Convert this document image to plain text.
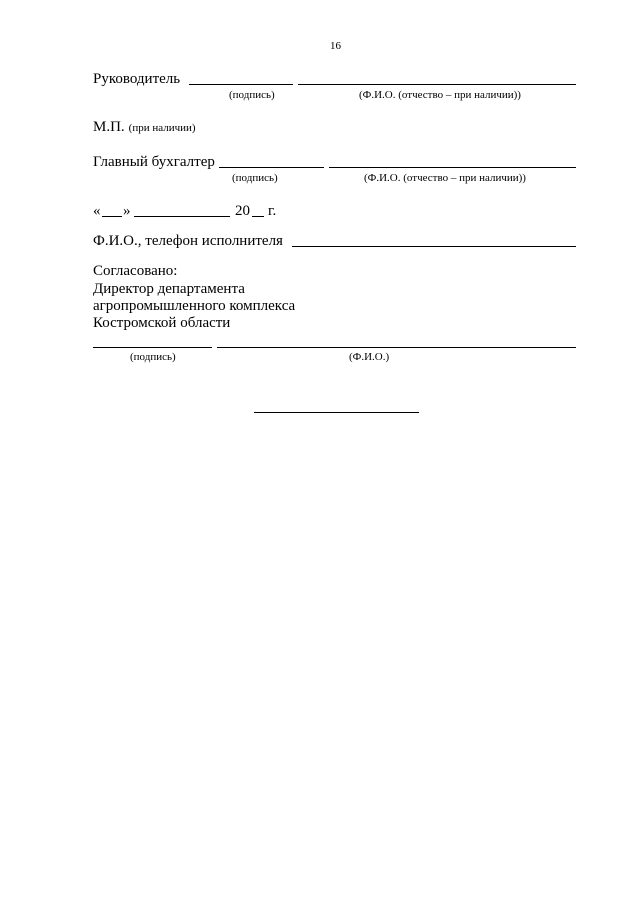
16
Руководитель
(подпись)	(Ф.И.О. (отчество – при наличии))
М.П. (при наличии)
Главный бухгалтер
(подпись)	(Ф.И.О. (отчество – при наличии))
« »	20 г.
Ф.И.О., телефон исполнителя
Согласовано:
Директор департамента
агропромышленного комплекса
Костромской области
(подпись)	(Ф.И.О.)
